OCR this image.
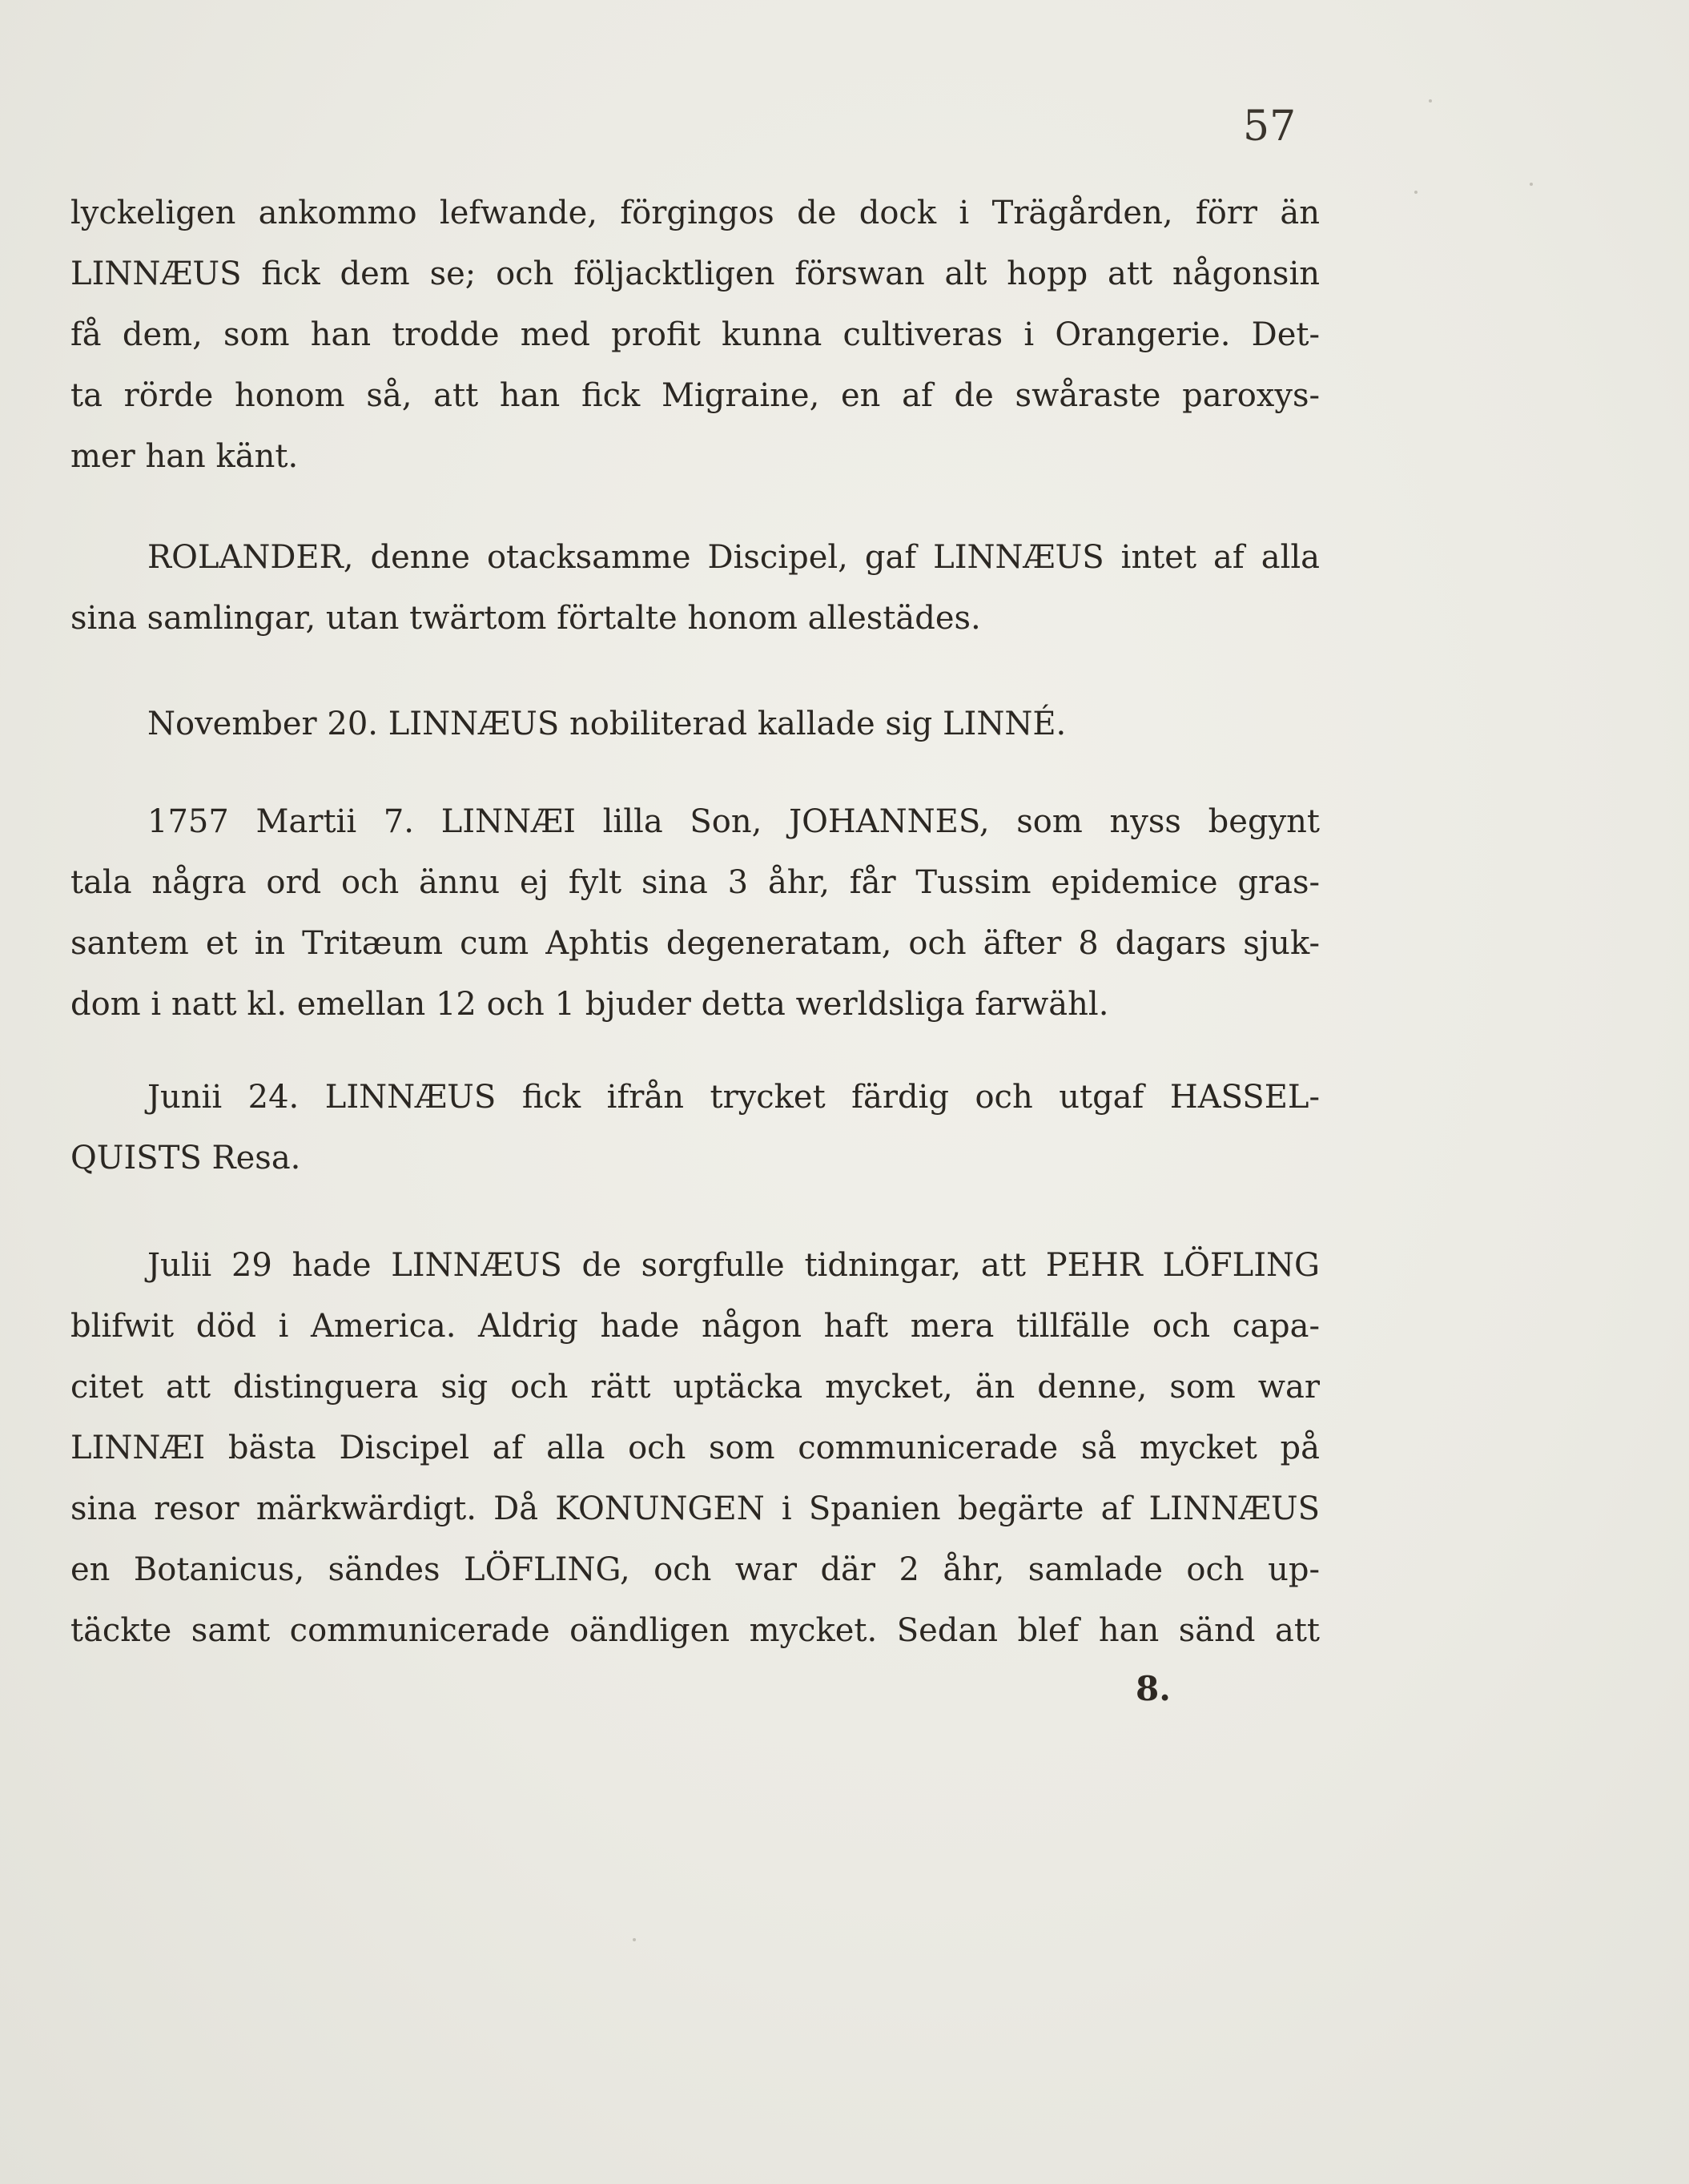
57
lyckeligen ankommo lefwande, förgingos de dock i Trägården, förr än
LINNÆUS fick dem se; och följacktligen förswan alt hopp att någonsin
få dem, som han trodde med profit kunna cultiveras i Orangerie. Det-
ta rörde honom så, att han fick Migraine, en af de swåraste paroxys-
mer han känt.
ROLANDER, denne otacksamme Discipel, gaf LINNÆUS intet af alla
sina samlingar, utan twärtom förtalte honom allestädes.
November 20. LINNÆUS nobiliterad kallade sig LINNÉ.
1757 Martii 7. LINNÆI lilla Son, JOHANNES, som nyss begynt
tala några ord och ännu ej fylt sina 3 åhr, får Tussim epidemice gras-
santem et in Tritæum cum Aphtis degeneratam, och äfter 8 dagars sjuk-
dom i natt kl. emellan 12 och 1 bjuder detta werldsliga farwähl.
Junii 24. LINNÆUS fick ifrån trycket färdig och utgaf HASSEL-
QUISTS Resa.
Julii 29 hade LINNÆUS de sorgfulle tidningar, att PEHR LÖFLING
blifwit död i America. Aldrig hade någon haft mera tillfälle och capa-
citet att distinguera sig och rätt uptäcka mycket, än denne, som war
LINNÆI bästa Discipel af alla och som communicerade så mycket på
sina resor märkwärdigt. Då KONUNGEN i Spanien begärte af LINNÆUS
en Botanicus, sändes LÖFLING, och war där 2 åhr, samlade och up-
täckte samt communicerade oändligen mycket. Sedan blef han sänd att
8.
